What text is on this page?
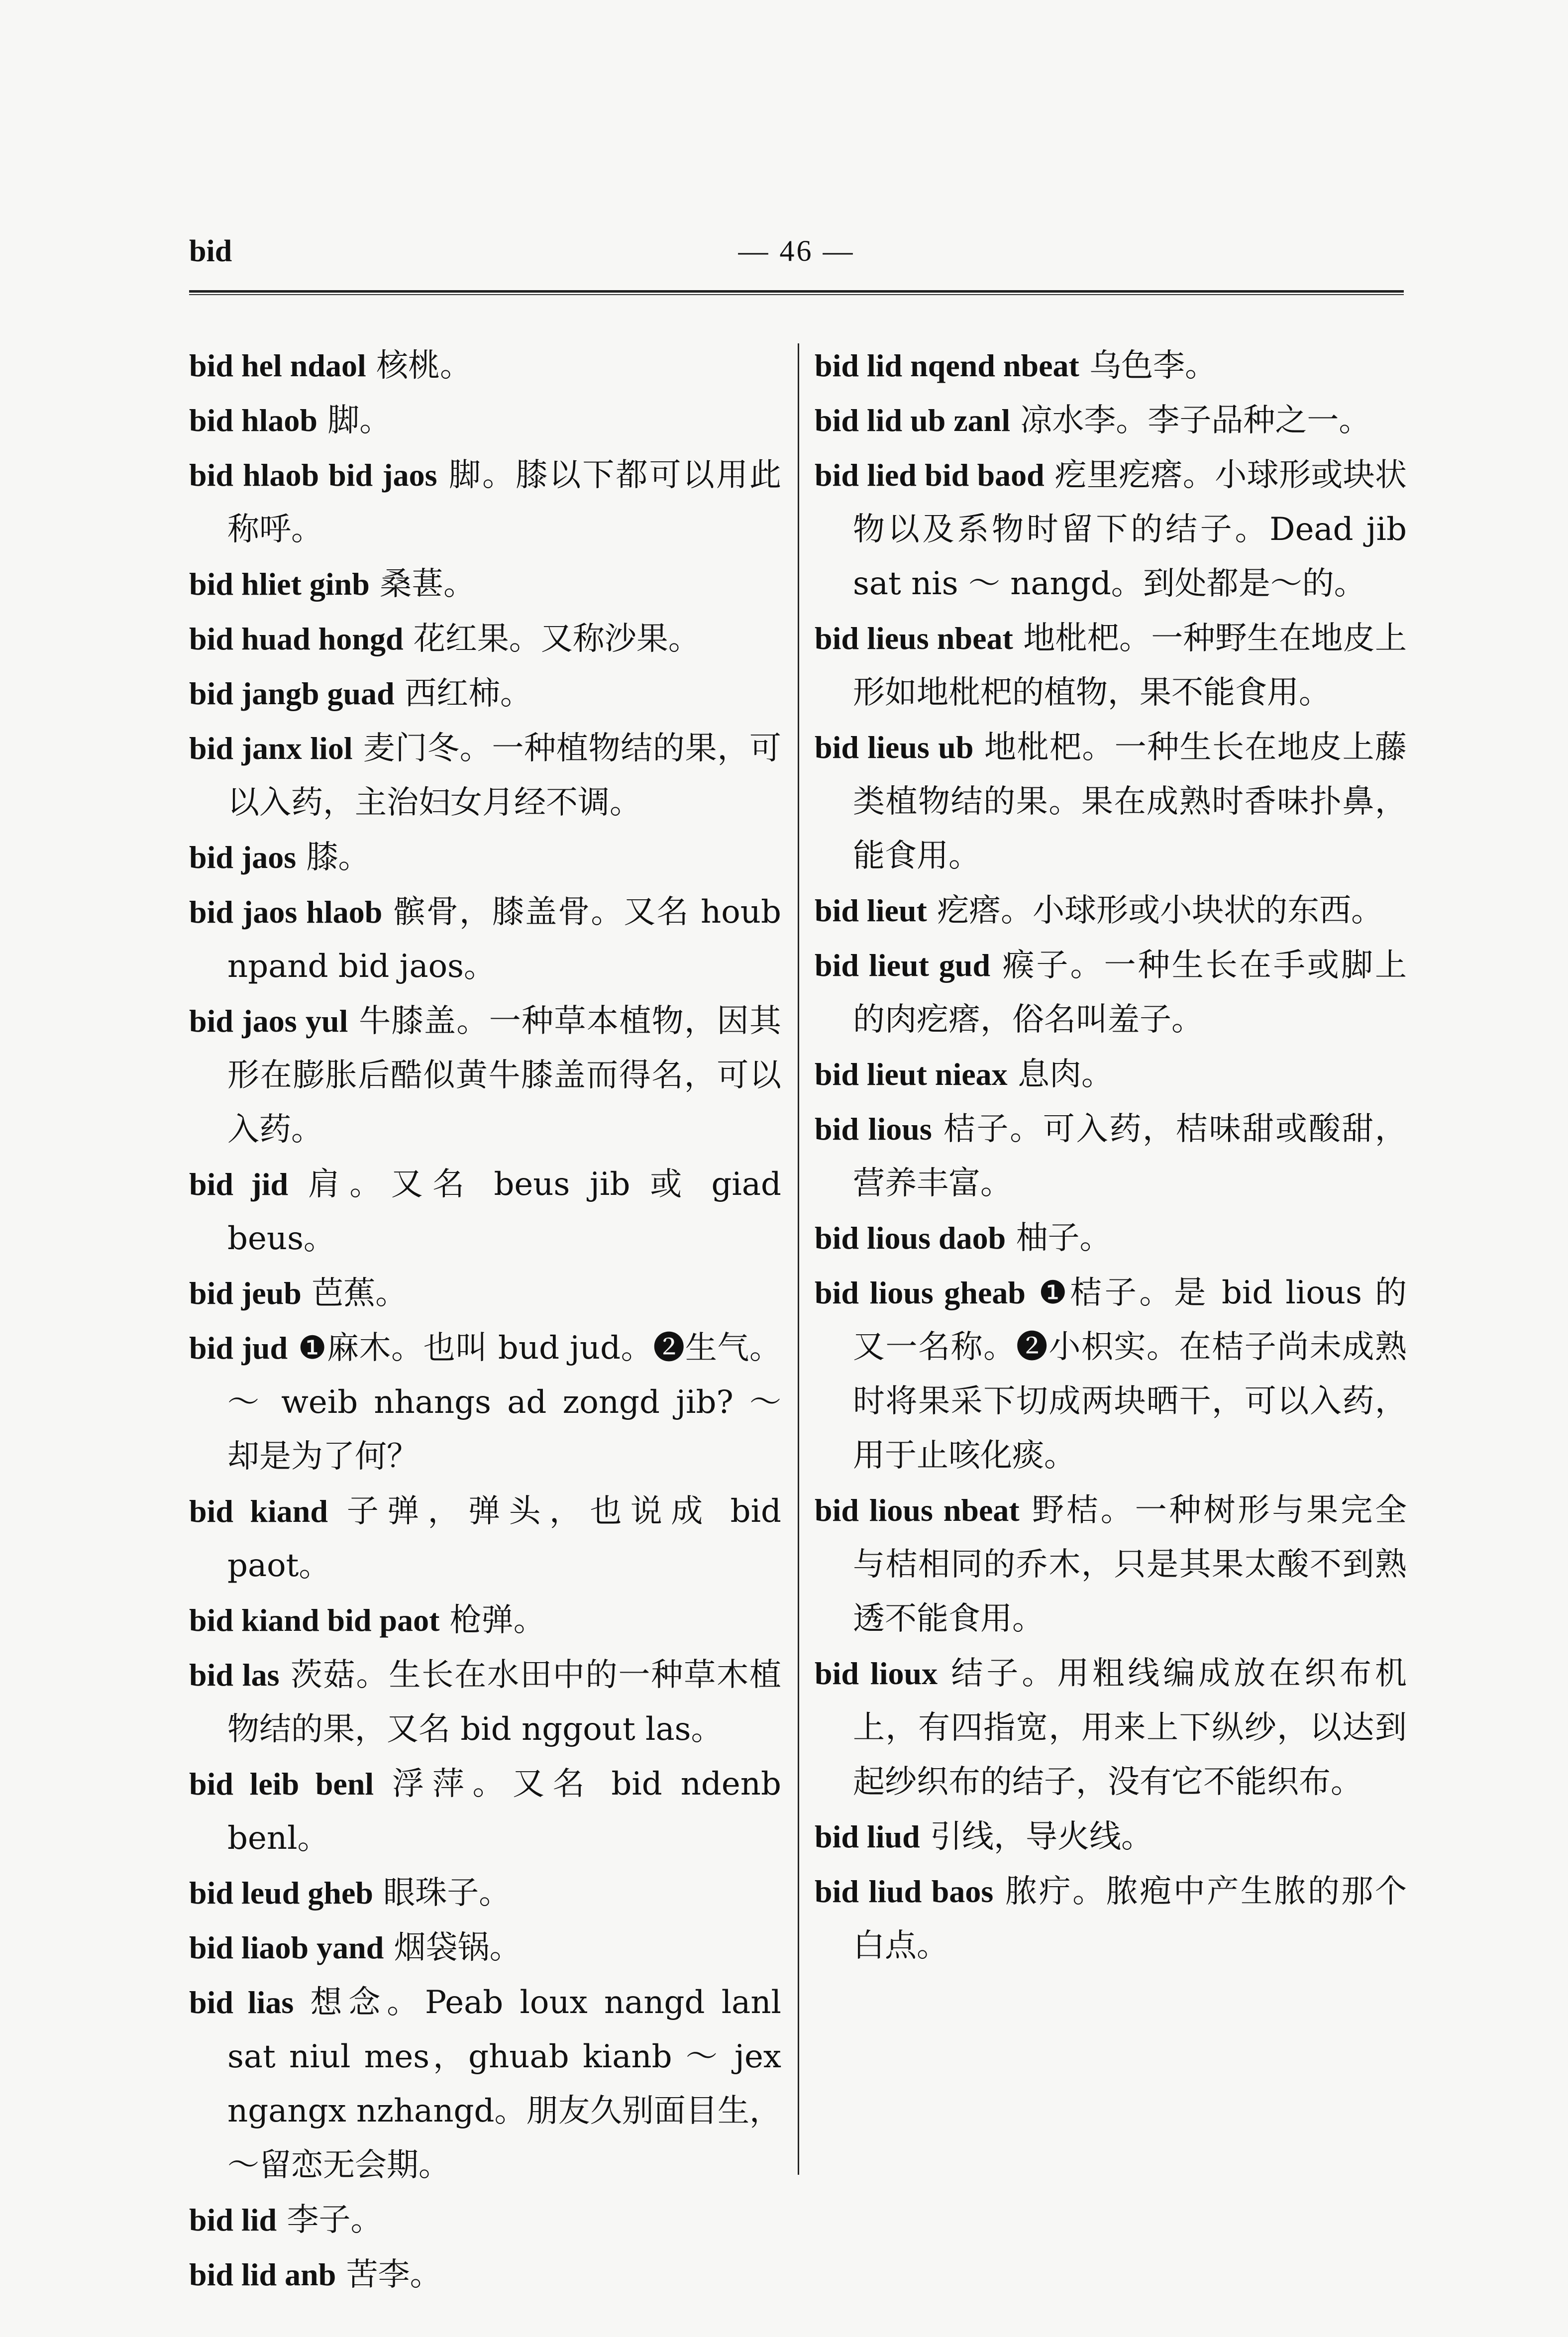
bid	— 46 —
bid hel ndaol 核桃。
bid hlaob 脚。
bid hlaob bid jaos 脚。膝以下都可以用此称呼。
bid hliet ginb 桑葚。
bid huad hongd 花红果。又称沙果。
bid jangb guad 西红柿。
bid janx liol 麦门冬。一种植物结的果，可以入药，主治妇女月经不调。
bid jaos 膝。
bid jaos hlaob 髌骨，膝盖骨。又名 houb npand bid jaos。
bid jaos yul 牛膝盖。一种草本植物，因其形在膨胀后酷似黄牛膝盖而得名，可以入药。
bid jid 肩。又名 beus jib 或 giad beus。
bid jeub 芭蕉。
bid jud ❶麻木。也叫 bud jud。❷生气。～ weib nhangs ad zongd jib? ～ 却是为了何？
bid kiand 子弹，弹头，也说成 bid paot。
bid kiand bid paot 枪弹。
bid las 茨菇。生长在水田中的一种草木植物结的果，又名 bid nggout las。
bid leib benl 浮萍。又名 bid ndenb benl。
bid leud gheb 眼珠子。
bid liaob yand 烟袋锅。
bid lias 想念。Peab loux nangd lanl sat niul mes，ghuab kianb ～ jex ngangx nzhangd。朋友久别面目生，～留恋无会期。
bid lid 李子。
bid lid anb 苦李。
bid lid nqend nbeat 乌色李。
bid lid ub zanl 凉水李。李子品种之一。
bid lied bid baod 疙里疙瘩。小球形或块状物以及系物时留下的结子。Dead jib sat nis ～ nangd。到处都是～的。
bid lieus nbeat 地枇杷。一种野生在地皮上形如地枇杷的植物，果不能食用。
bid lieus ub 地枇杷。一种生长在地皮上藤类植物结的果。果在成熟时香味扑鼻，能食用。
bid lieut 疙瘩。小球形或小块状的东西。
bid lieut gud 瘊子。一种生长在手或脚上的肉疙瘩，俗名叫羞子。
bid lieut nieax 息肉。
bid lious 桔子。可入药，桔味甜或酸甜，营养丰富。
bid lious daob 柚子。
bid lious gheab ❶桔子。是 bid lious 的又一名称。❷小枳实。在桔子尚未成熟时将果采下切成两块晒干，可以入药，用于止咳化痰。
bid lious nbeat 野桔。一种树形与果完全与桔相同的乔木，只是其果太酸不到熟透不能食用。
bid lioux 结子。用粗线编成放在织布机上，有四指宽，用来上下纵纱，以达到起纱织布的结子，没有它不能织布。
bid liud 引线，导火线。
bid liud baos 脓疔。脓疱中产生脓的那个白点。
